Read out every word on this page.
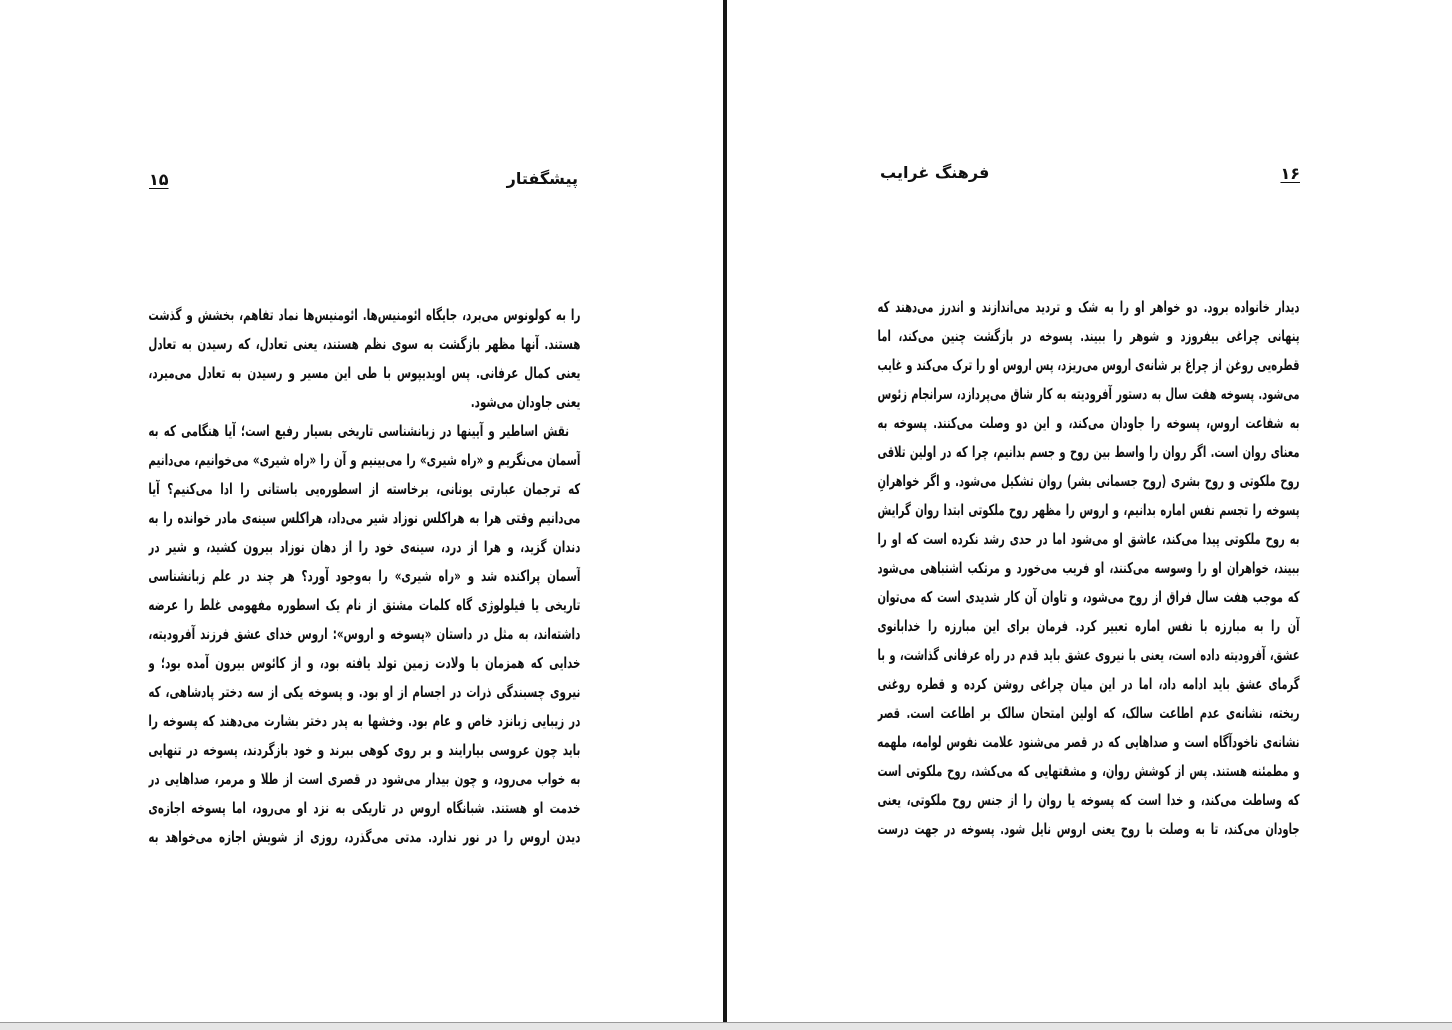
۱۵	پیشگفتار
را به کولونوس می‌برد، جایگاه ائومنیس‌ها. ائومنیس‌ها نماد تفاهم، بخشش و گذشت
هستند. آنها مظهر بازگشت به سوی نظم هستند، یعنی تعادل، که رسیدن به تعادل
یعنی کمال عرفانی. پس اویدیپوس با طی این مسیر و رسیدن به تعادل می‌میرد،
یعنی جاودان می‌شود.
نقش اساطیر و آیینها در زبانشناسی تاریخی بسیار رفیع است؛ آیا هنگامی که به
آسمان می‌نگریم و «راه شیری» را می‌بینیم و آن را «راه شیری» می‌خوانیم، می‌دانیم
که ترجمان عبارتی یونانی، برخاسته از اسطوره‌یی باستانی را ادا می‌کنیم؟ آیا
می‌دانیم وقتی هرا به هراکلس نوزاد شیر می‌داد، هراکلس سینه‌ی مادر خوانده را به
دندان گزید، و هرا از درد، سینه‌ی خود را از دهان نوزاد بیرون کشید، و شیر در
آسمان پراکنده شد و «راه شیری» را به‌وجود آورد؟ هر چند در علم زبانشناسی
تاریخی یا فیلولوژی گاه کلمات مشتق از نام یک اسطوره مفهومی غلط را عرضه
داشته‌اند، به مثل در داستان «پسوخه و اروس»: اروس خدای عشق فرزند آفرودیته،
خدایی که همزمان با ولادت زمین تولد یافته بود، و از کائوس بیرون آمده بود؛ و
نیروی چسبندگی ذرات در اجسام از او بود. و پسوخه یکی از سه دختر پادشاهی، که
در زیبایی زبانزد خاص و عام بود. وخشها به پدر دختر بشارت می‌دهند که پسوخه را
باید چون عروسی بیارایند و بر روی کوهی ببرند و خود بازگردند، پسوخه در تنهایی
به خواب می‌رود، و چون بیدار می‌شود در قصری است از طلا و مرمر، صداهایی در
خدمت او هستند. شبانگاه اروس در تاریکی به نزد او می‌رود، اما پسوخه اجازه‌ی
دیدن اروس را در نور ندارد. مدتی می‌گذرد، روزی از شویش اجازه می‌خواهد به
۱۶
فرهنگ غرایب
دیدار خانواده برود. دو خواهر او را به شک و تردید می‌اندازند و اندرز می‌دهند که
پنهانی چراغی بیفروزد و شوهر را ببیند. پسوخه در بازگشت چنین می‌کند، اما
قطره‌یی روغن از چراغ بر شانه‌ی اروس می‌ریزد، پس اروس او را ترک می‌کند و غایب
می‌شود. پسوخه هفت سال به دستور آفرودیته به کار شاق می‌پردازد، سرانجام زئوس
به شفاعت اروس، پسوخه را جاودان می‌کند، و این دو وصلت می‌کنند. پسوخه به
معنای روان است. اگر روان را واسط بین روح و جسم بدانیم، چرا که در اولین تلاقی
روح ملکوتی و روح بشری (روح جسمانی بشر) روان تشکیل می‌شود. و اگر خواهرانِ
پسوخه را تجسم نفس اماره بدانیم، و اروس را مظهر روح ملکوتی ابتدا روان گرایش
به روح ملکوتی پیدا می‌کند، عاشق او می‌شود اما در حدی رشد نکرده است که او را
ببیند، خواهران او را وسوسه می‌کنند، او فریب می‌خورد و مرتکب اشتباهی می‌شود
که موجب هفت سال فراق از روح می‌شود، و تاوان آن کار شدیدی است که می‌توان
آن را به مبارزه با نفس اماره تعبیر کرد. فرمان برای این مبارزه را خدابانوی
عشق، آفرودیته داده است، یعنی با نیروی عشق باید قدم در راه عرفانی گذاشت، و با
گرمای عشق باید ادامه داد، اما در این میان چراغی روشن کرده و قطره روغنی
ریخته، نشانه‌ی عدم اطاعت سالک، که اولین امتحان سالک بر اطاعت است. قصر
نشانه‌ی ناخودآگاه است و صداهایی که در قصر می‌شنود علامت نفوس لوامه، ملهمه
و مطمئنه هستند. پس از کوشش روان، و مشقتهایی که می‌کشد، روح ملکوتی است
که وساطت می‌کند، و خدا است که پسوخه یا روان را از جنس روح ملکوتی، یعنی
جاودان می‌کند، تا به وصلت با روح یعنی اروس نایل شود. پسوخه در جهت درست
